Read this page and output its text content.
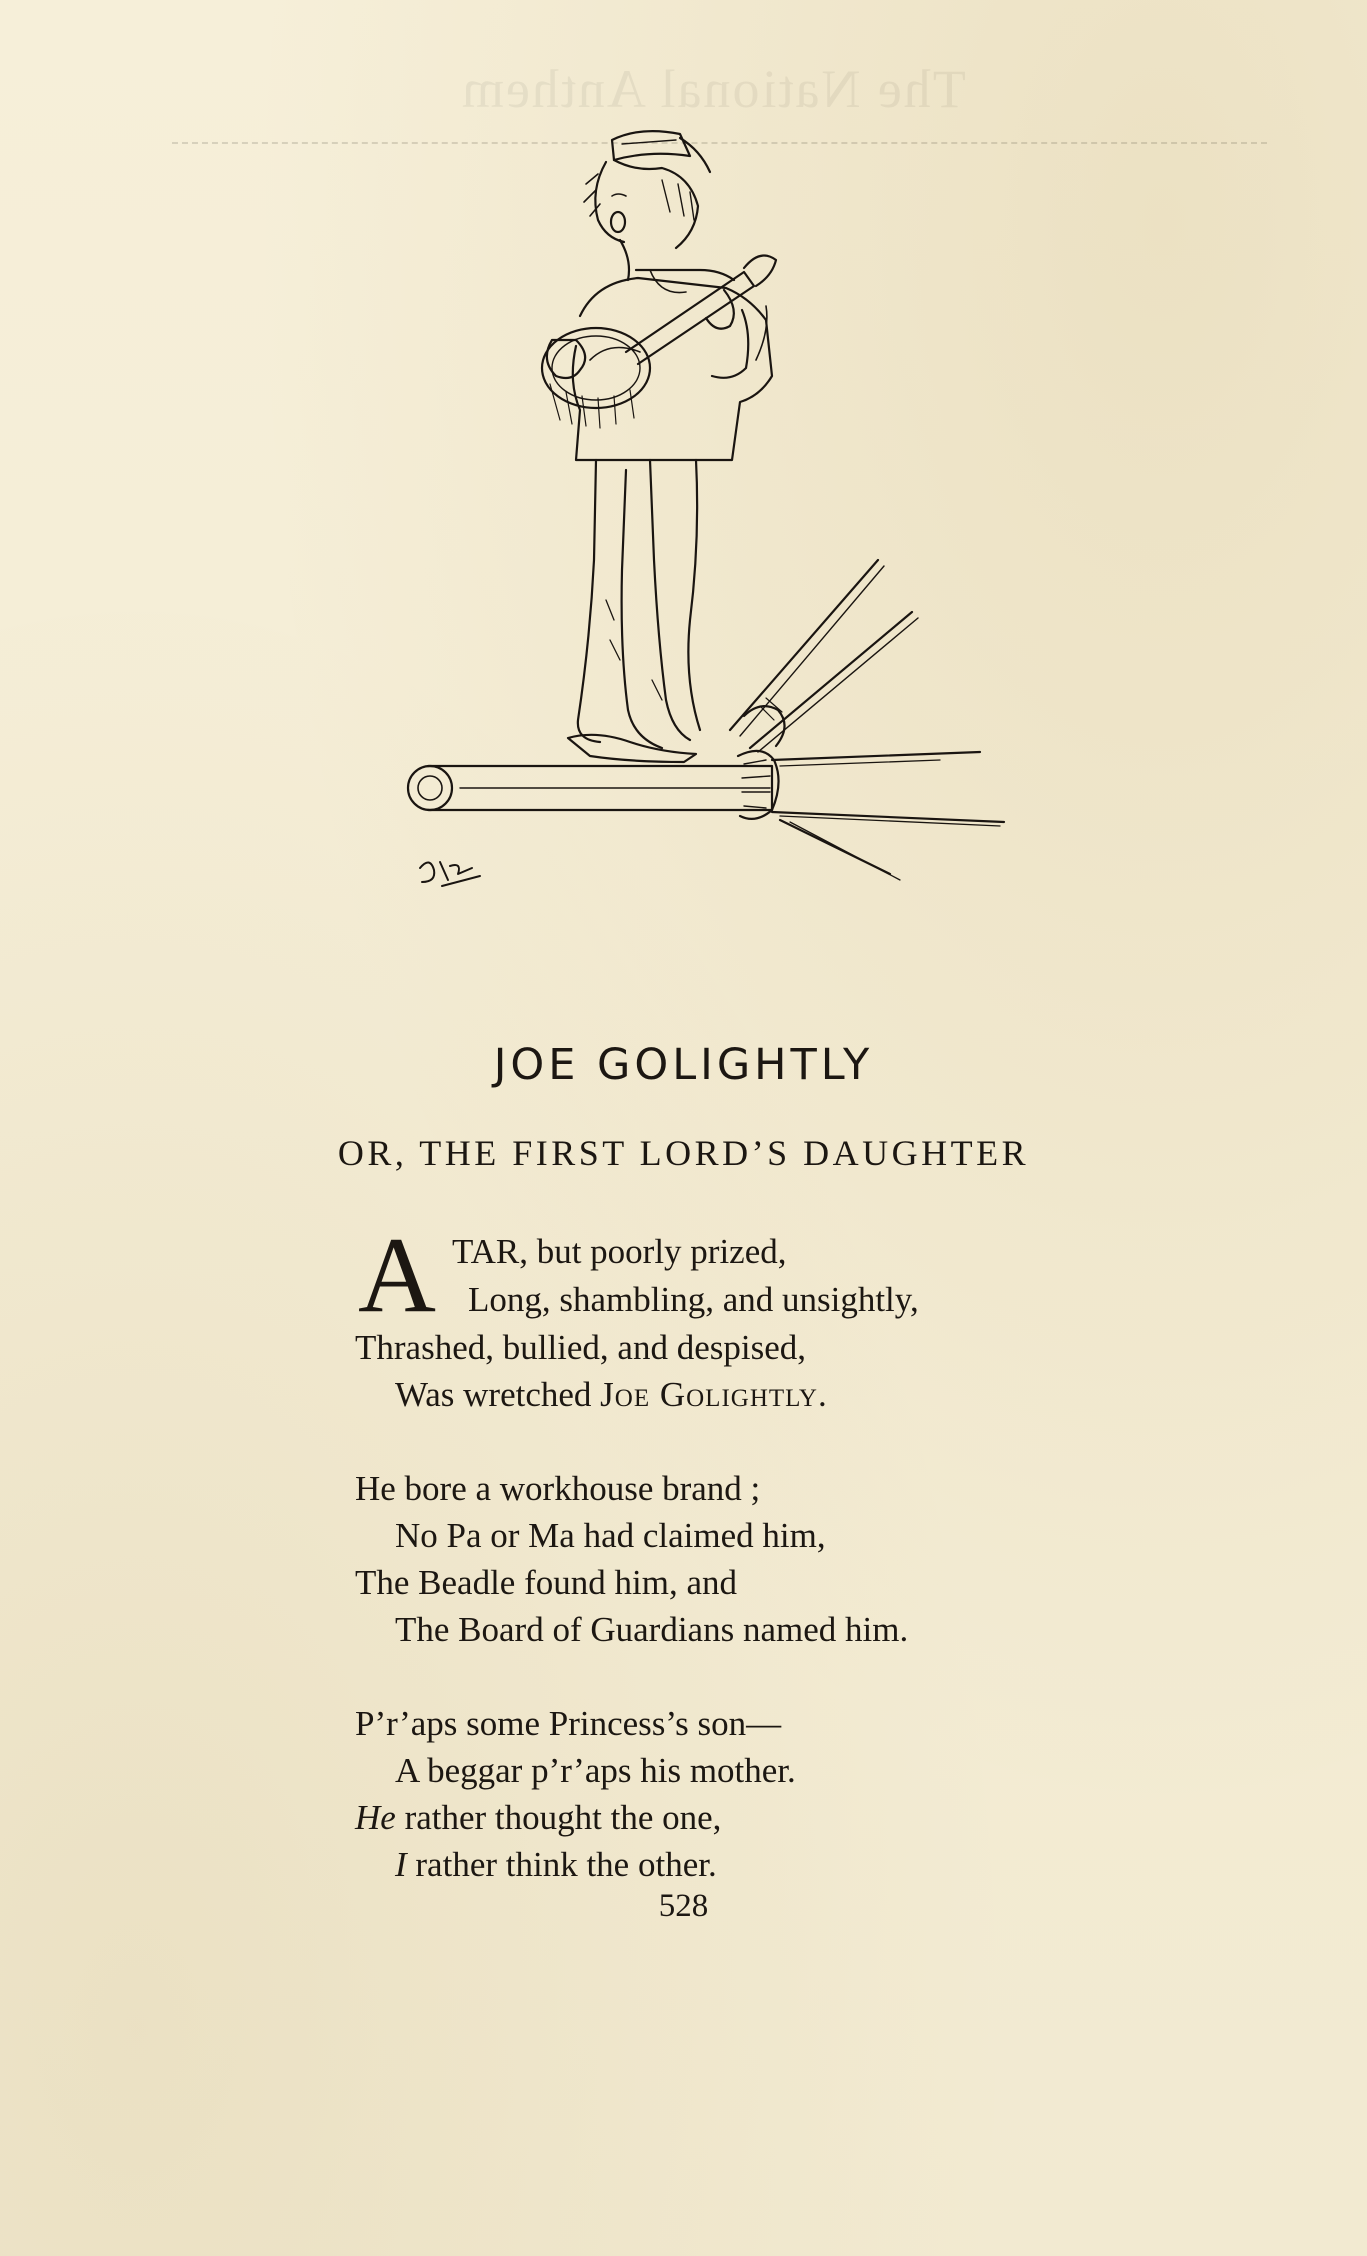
The National Anthem
JOE GOLIGHTLY
OR, THE FIRST LORD’S DAUGHTER
A TAR, but poorly prized,
Long, shambling, and unsightly,
Thrashed, bullied, and despised,
Was wretched Joe Golightly.
He bore a workhouse brand ;
No Pa or Ma had claimed him,
The Beadle found him, and
The Board of Guardians named him.
P’r’aps some Princess’s son—
A beggar p’r’aps his mother.
He rather thought the one,
I rather think the other.
528
